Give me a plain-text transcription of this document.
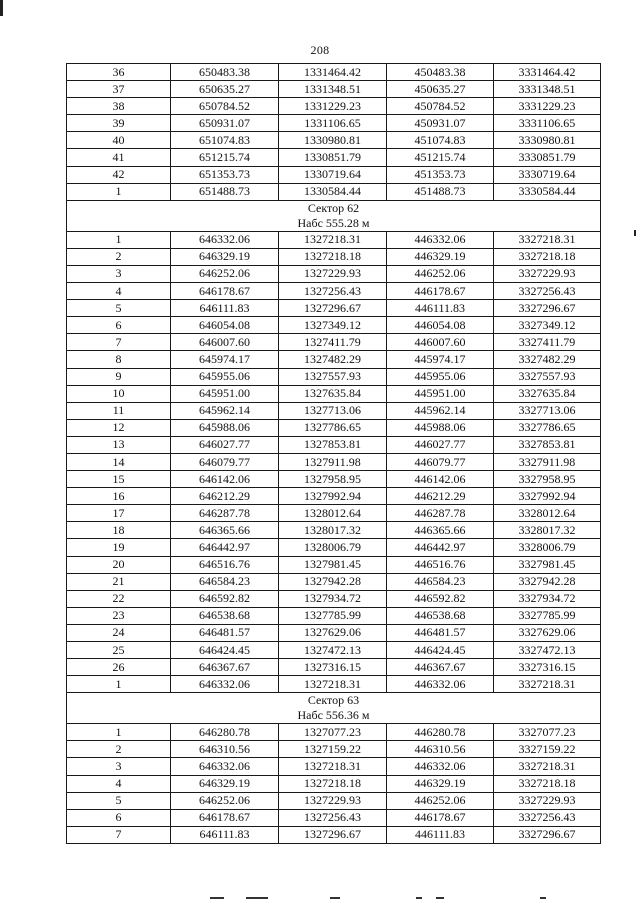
208
36	650483.38	1331464.42	450483.38	3331464.42
37	650635.27	1331348.51	450635.27	3331348.51
38	650784.52	1331229.23	450784.52	3331229.23
39	650931.07	1331106.65	450931.07	3331106.65
40	651074.83	1330980.81	451074.83	3330980.81
41	651215.74	1330851.79	451215.74	3330851.79
42	651353.73	1330719.64	451353.73	3330719.64
1	651488.73	1330584.44	451488.73	3330584.44

Сектор 62
Набс 555.28 м				

1	646332.06	1327218.31	446332.06	3327218.31
2	646329.19	1327218.18	446329.19	3327218.18
3	646252.06	1327229.93	446252.06	3327229.93
4	646178.67	1327256.43	446178.67	3327256.43
5	646111.83	1327296.67	446111.83	3327296.67
6	646054.08	1327349.12	446054.08	3327349.12
7	646007.60	1327411.79	446007.60	3327411.79
8	645974.17	1327482.29	445974.17	3327482.29
9	645955.06	1327557.93	445955.06	3327557.93
10	645951.00	1327635.84	445951.00	3327635.84
11	645962.14	1327713.06	445962.14	3327713.06
12	645988.06	1327786.65	445988.06	3327786.65
13	646027.77	1327853.81	446027.77	3327853.81
14	646079.77	1327911.98	446079.77	3327911.98
15	646142.06	1327958.95	446142.06	3327958.95
16	646212.29	1327992.94	446212.29	3327992.94
17	646287.78	1328012.64	446287.78	3328012.64
18	646365.66	1328017.32	446365.66	3328017.32
19	646442.97	1328006.79	446442.97	3328006.79
20	646516.76	1327981.45	446516.76	3327981.45
21	646584.23	1327942.28	446584.23	3327942.28
22	646592.82	1327934.72	446592.82	3327934.72
23	646538.68	1327785.99	446538.68	3327785.99
24	646481.57	1327629.06	446481.57	3327629.06
25	646424.45	1327472.13	446424.45	3327472.13
26	646367.67	1327316.15	446367.67	3327316.15
1	646332.06	1327218.31	446332.06	3327218.31

Сектор 63
Набс 556.36 м				

1	646280.78	1327077.23	446280.78	3327077.23
2	646310.56	1327159.22	446310.56	3327159.22
3	646332.06	1327218.31	446332.06	3327218.31
4	646329.19	1327218.18	446329.19	3327218.18
5	646252.06	1327229.93	446252.06	3327229.93
6	646178.67	1327256.43	446178.67	3327256.43
7	646111.83	1327296.67	446111.83	3327296.67
